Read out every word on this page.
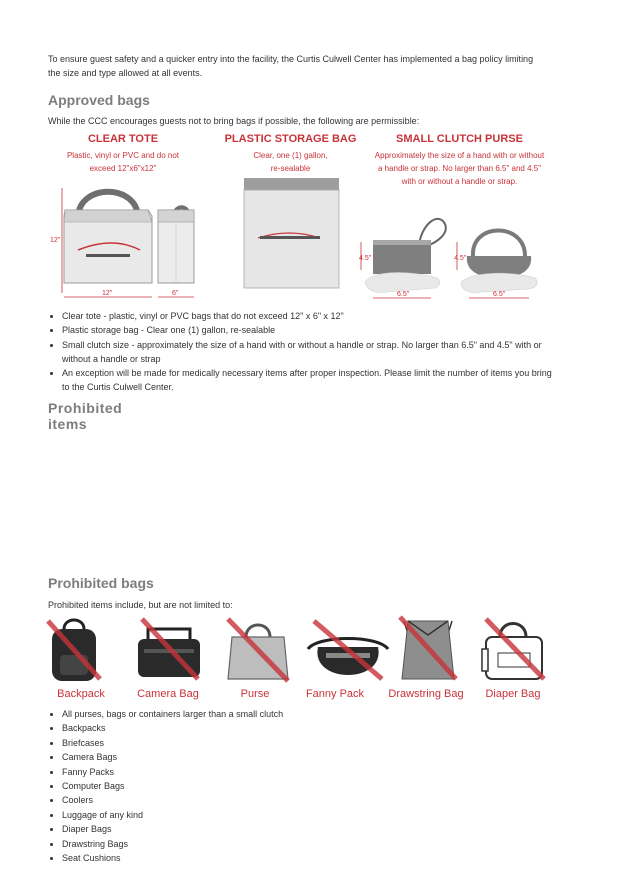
To ensure guest safety and a quicker entry into the facility, the Curtis Culwell Center has implemented a bag policy limiting the size and type allowed at all events.
Approved bags
While the CCC encourages guests not to bring bags if possible, the following are permissible:
CLEAR TOTE
Plastic, vinyl or PVC and do not
exceed 12"x6"x12"
PLASTIC STORAGE BAG
Clear, one (1) gallon,
re-sealable
SMALL CLUTCH PURSE
Approximately the size of a hand with or without
a handle or strap. No larger than 6.5" and 4.5"
with or without a handle or strap.
12"
12"	6"
4.5"
6.5"
4.5"
6.5"
• Clear tote - plastic, vinyl or PVC bags that do not exceed 12" x 6" x 12"
• Plastic storage bag - Clear one (1) gallon, re-sealable
• Small clutch size - approximately the size of a hand with or without a handle or strap. No larger than 6.5" and 4.5" with or without a handle or strap
• An exception will be made for medically necessary items after proper inspection. Please limit the number of items you bring to the Curtis Culwell Center.
Prohibited items
Prohibited bags
Prohibited items include, but are not limited to:
Backpack	Camera Bag	Purse	Fanny Pack	Drawstring Bag	Diaper Bag
• All purses, bags or containers larger than a small clutch
• Backpacks
• Briefcases
• Camera Bags
• Fanny Packs
• Computer Bags
• Coolers
• Luggage of any kind
• Diaper Bags
• Drawstring Bags
• Seat Cushions
